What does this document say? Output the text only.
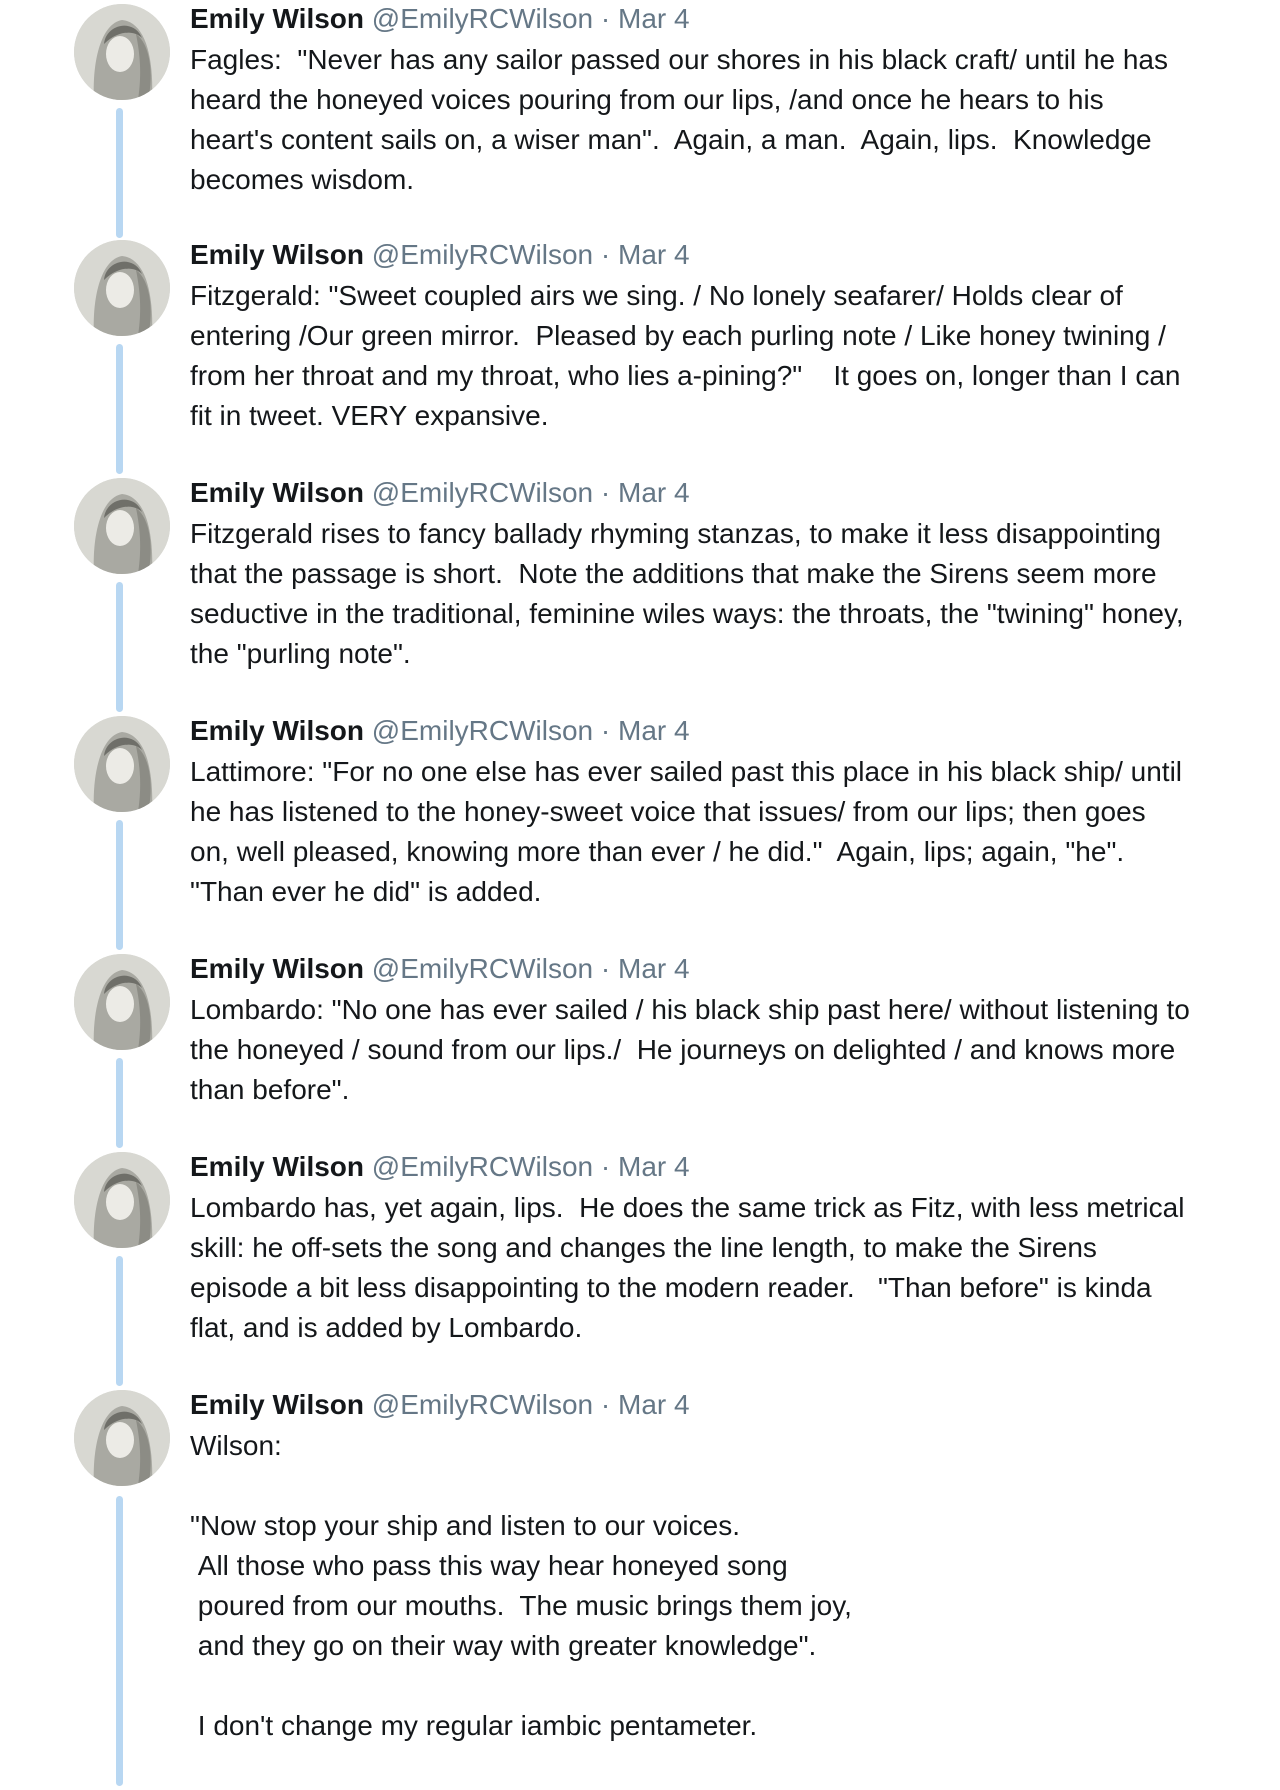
Emily Wilson @EmilyRCWilson · Mar 4

Fagles:  "Never has any sailor passed our shores in his black craft/ until he has heard the honeyed voices pouring from our lips, /and once he hears to his heart's content sails on, a wiser man".  Again, a man.  Again, lips.  Knowledge becomes wisdom.

Emily Wilson @EmilyRCWilson · Mar 4

Fitzgerald: "Sweet coupled airs we sing. / No lonely seafarer/ Holds clear of entering /Our green mirror.  Pleased by each purling note / Like honey twining / from her throat and my throat, who lies a-pining?"    It goes on, longer than I can fit in tweet. VERY expansive.

Emily Wilson @EmilyRCWilson · Mar 4

Fitzgerald rises to fancy ballady rhyming stanzas, to make it less disappointing that the passage is short.  Note the additions that make the Sirens seem more seductive in the traditional, feminine wiles ways: the throats, the "twining" honey, the "purling note".

Emily Wilson @EmilyRCWilson · Mar 4

Lattimore: "For no one else has ever sailed past this place in his black ship/ until he has listened to the honey-sweet voice that issues/ from our lips; then goes on, well pleased, knowing more than ever / he did."  Again, lips; again, "he". "Than ever he did" is added.

Emily Wilson @EmilyRCWilson · Mar 4

Lombardo: "No one has ever sailed / his black ship past here/ without listening to the honeyed / sound from our lips./  He journeys on delighted / and knows more than before".

Emily Wilson @EmilyRCWilson · Mar 4

Lombardo has, yet again, lips.  He does the same trick as Fitz, with less metrical skill: he off-sets the song and changes the line length, to make the Sirens episode a bit less disappointing to the modern reader.   "Than before" is kinda flat, and is added by Lombardo.

Emily Wilson @EmilyRCWilson · Mar 4

Wilson:

"Now stop your ship and listen to our voices.
All those who pass this way hear honeyed song
poured from our mouths.  The music brings them joy,
and they go on their way with greater knowledge".

I don't change my regular iambic pentameter.
